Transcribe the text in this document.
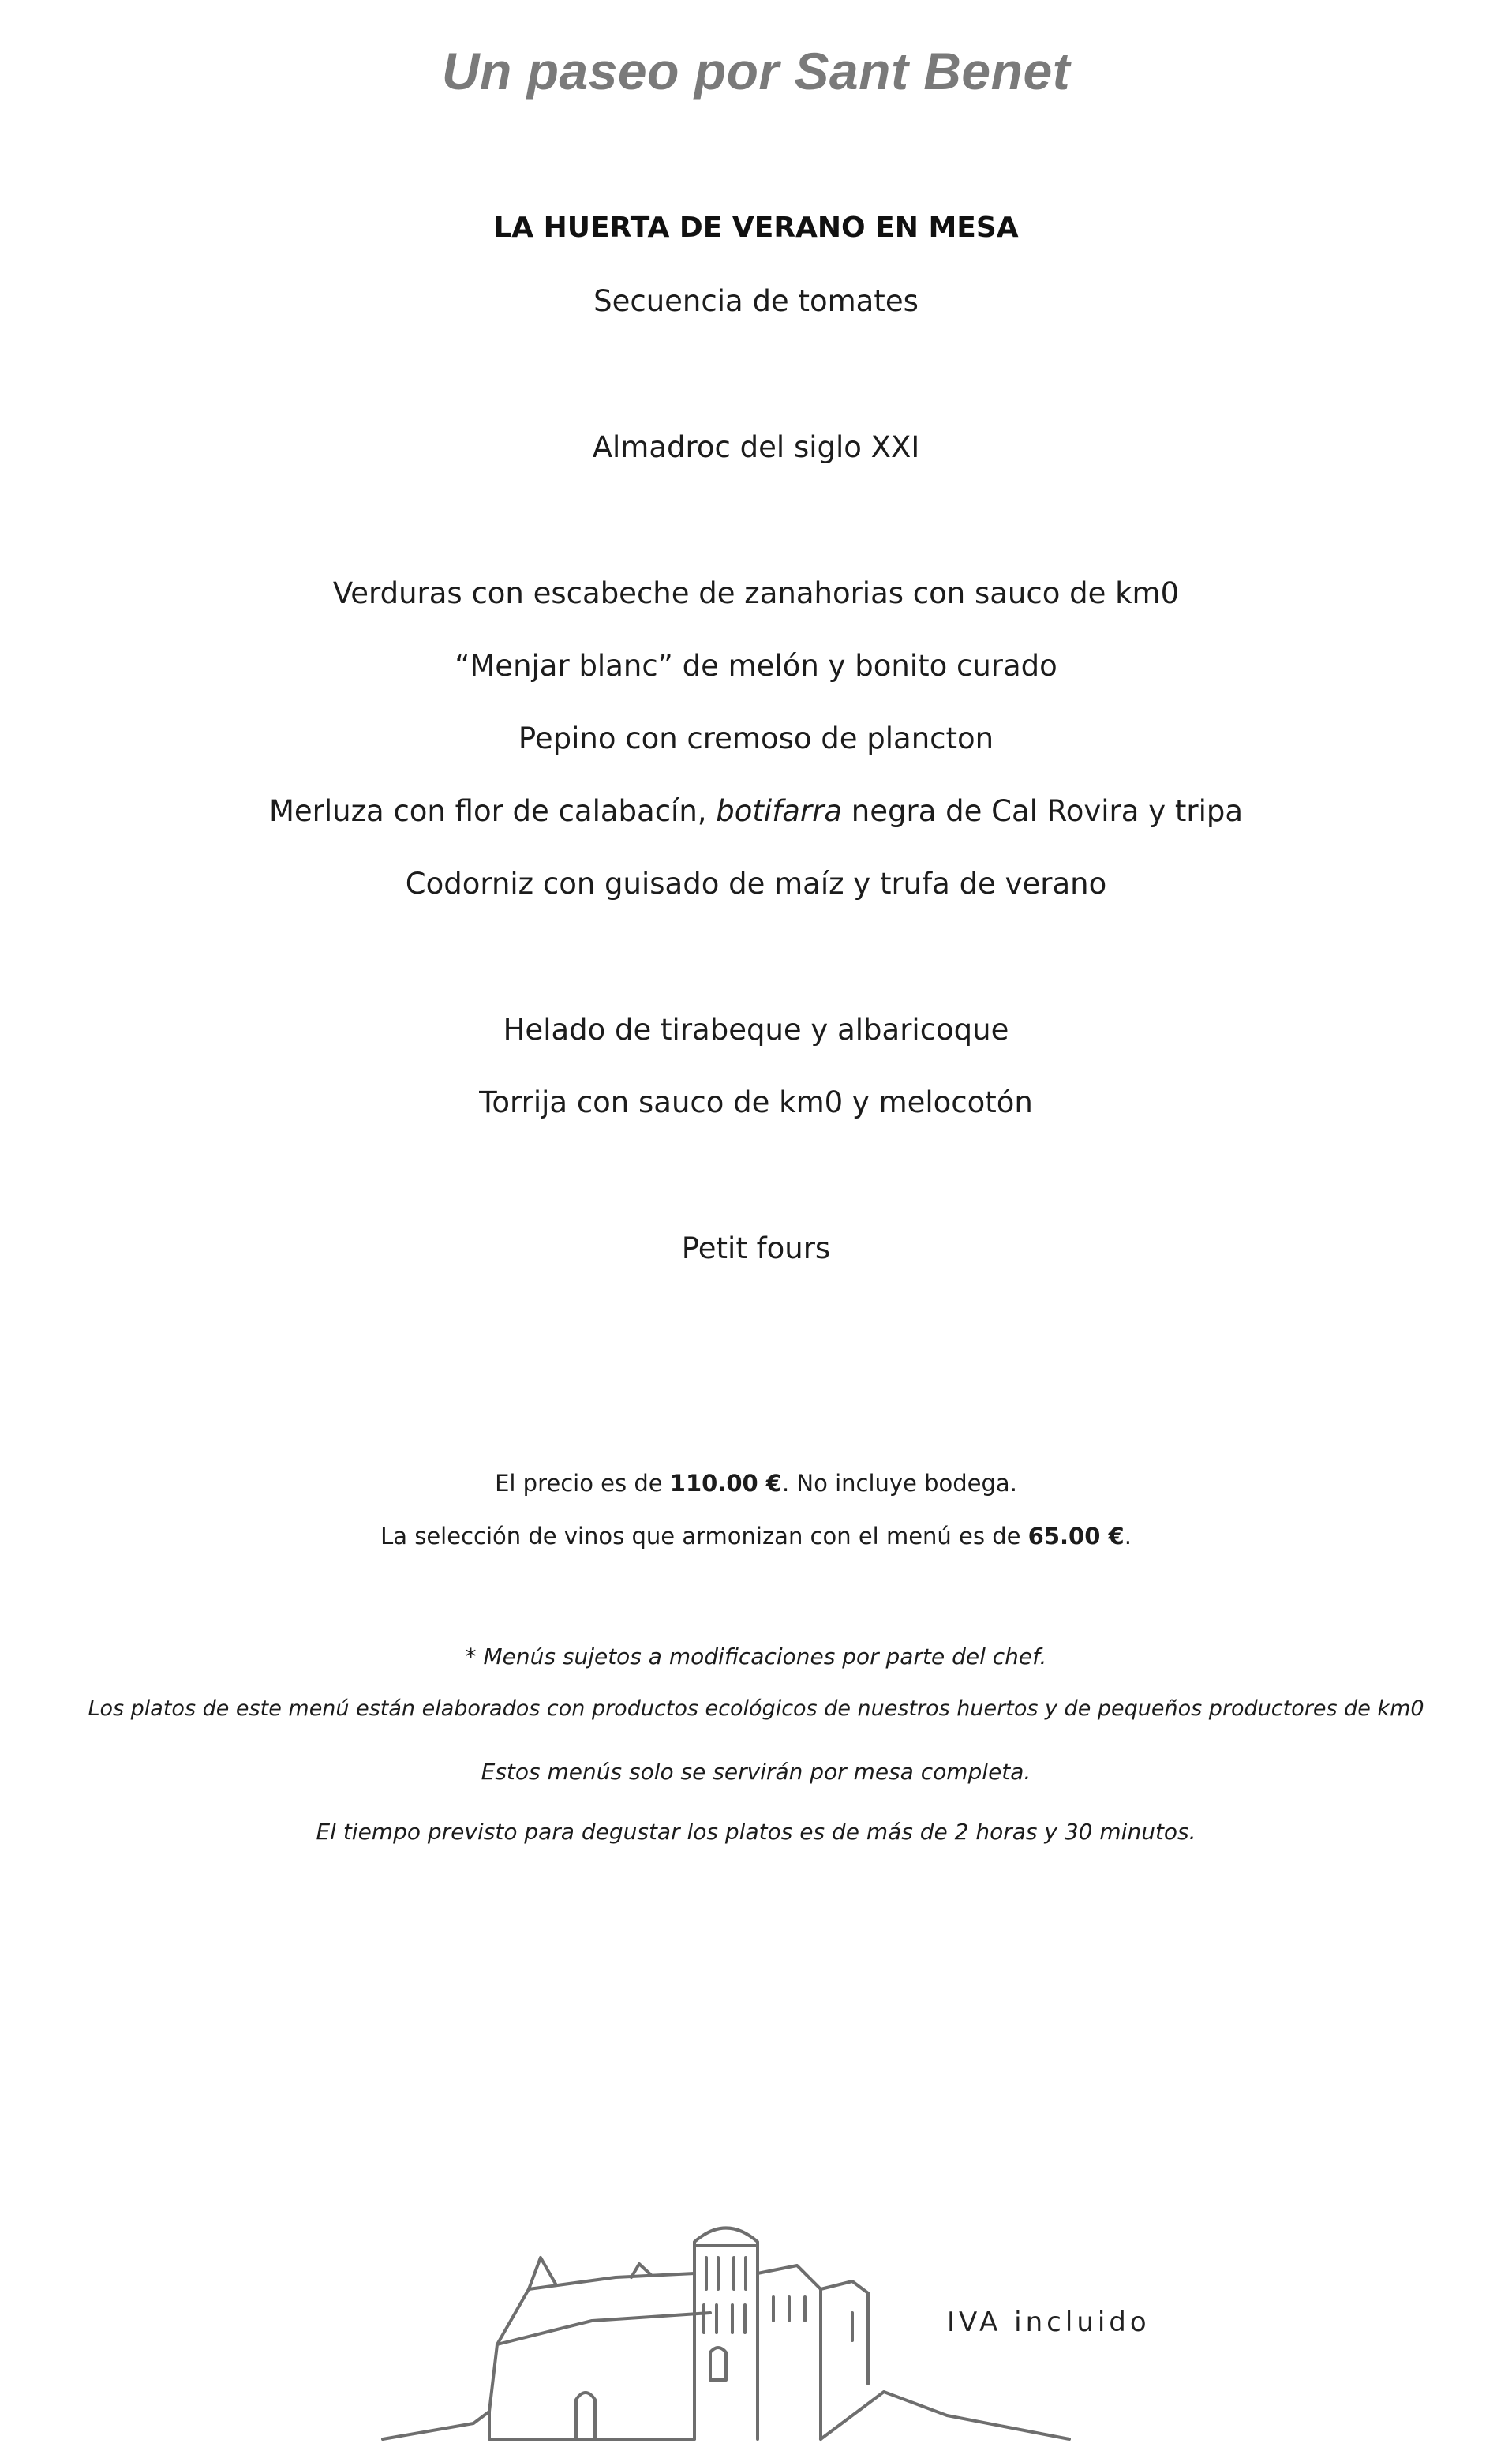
Un paseo por Sant Benet
LA HUERTA DE VERANO EN MESA
Secuencia de tomates
Almadroc del siglo XXI
Verduras con escabeche de zanahorias con sauco de km0
“Menjar blanc” de melón y bonito curado
Pepino con cremoso de plancton
Merluza con flor de calabacín, botifarra negra de Cal Rovira y tripa
Codorniz con guisado de maíz y trufa de verano
Helado de tirabeque y albaricoque
Torrija con sauco de km0 y melocotón
Petit fours
El precio es de 110.00 €. No incluye bodega.
La selección de vinos que armonizan con el menú es de 65.00 €.
* Menús sujetos a modificaciones por parte del chef.
Los platos de este menú están elaborados con productos ecológicos de nuestros huertos y de pequeños productores de km0
Estos menús solo se servirán por mesa completa.
El tiempo previsto para degustar los platos es de más de 2 horas y 30 minutos.
IVA incluido
